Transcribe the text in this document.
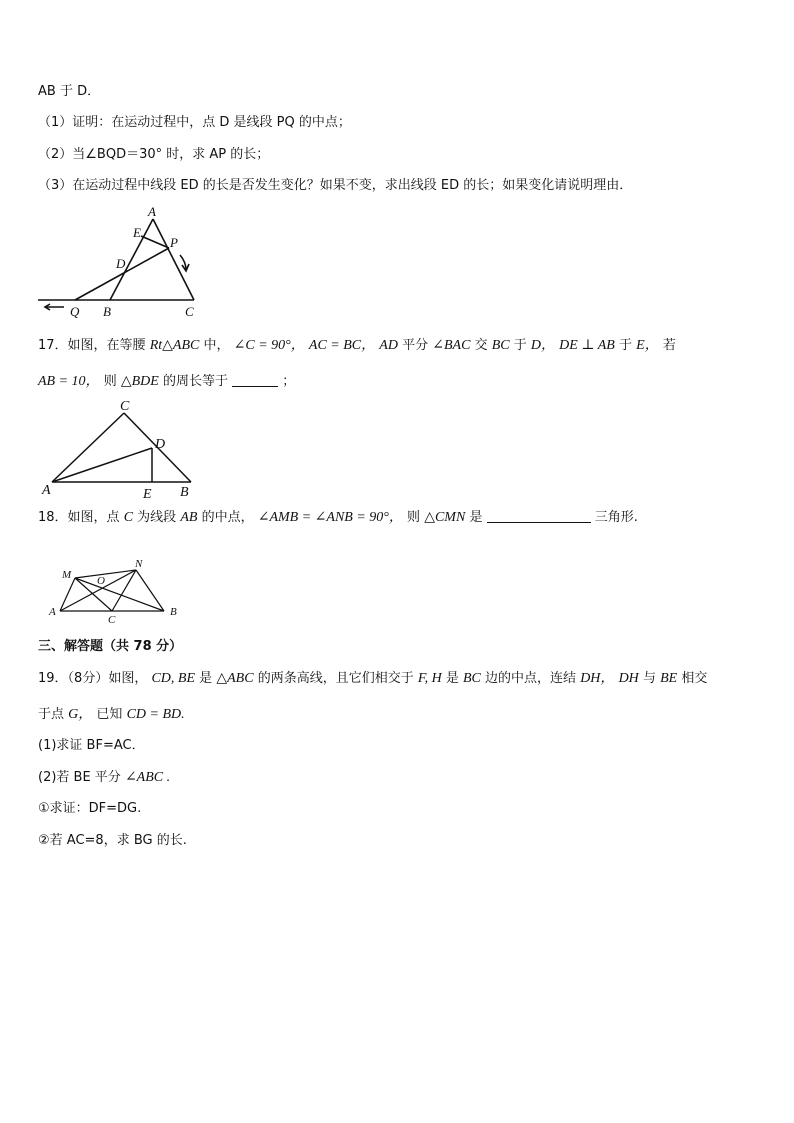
AB 于 D．
（1）证明：在运动过程中，点 D 是线段 PQ 的中点；
（2）当∠BQD＝30° 时，求 AP 的长；
（3）在运动过程中线段 ED 的长是否发生变化？如果不变，求出线段 ED 的长；如果变化请说明理由．
A
E
P
D
Q B	C
17．如图，在等腰 Rt△ABC 中， ∠C = 90°， AC = BC， AD 平分 ∠BAC 交 BC 于 D， DE ⊥ AB 于 E， 若
AB = 10， 则 △BDE 的周长等于	；
C
D
A	E B
18．如图，点 C 为线段 AB 的中点， ∠AMB = ∠ANB = 90°， 则 △CMN 是	三角形.
M
N
O
A
C
B
三、解答题（共 78 分）
19．（8分）如图， CD, BE 是 △ABC 的两条高线，且它们相交于 F, H 是 BC 边的中点，连结 DH， DH 与 BE 相交
于点 G， 已知 CD = BD.
(1)求证 BF=AC．
(2)若 BE 平分 ∠ABC .
①求证：DF=DG.
②若 AC=8，求 BG 的长.
